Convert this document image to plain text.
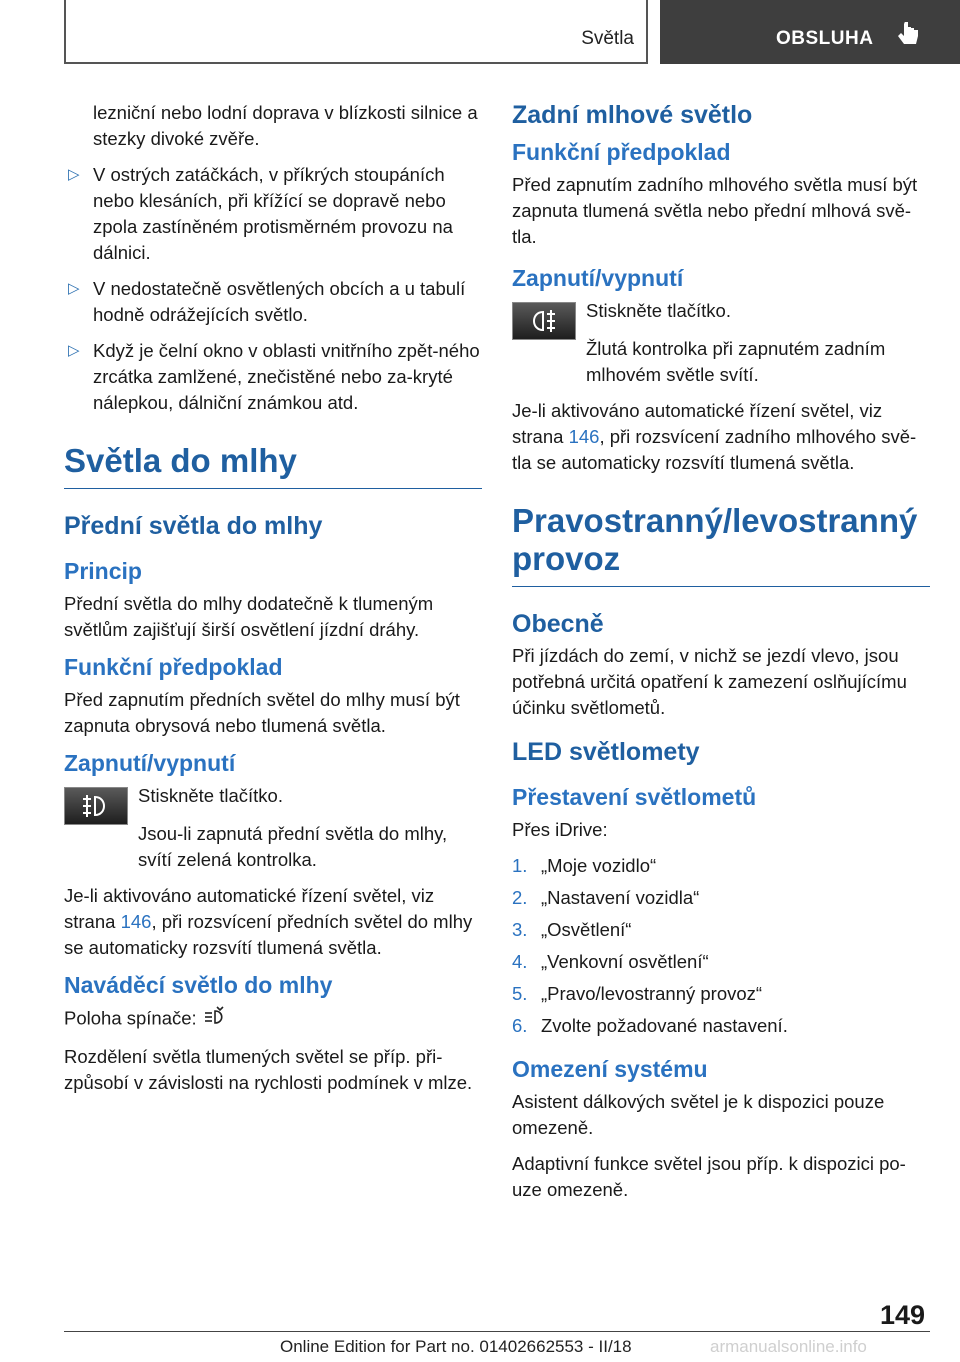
Světla	OBSLUHA

lezniční nebo lodní doprava v blízkosti silnice a stezky divoké zvěře.

▷ V ostrých zatáčkách, v příkrých stoupáních nebo klesáních, při křížící se dopravě nebo zpola zastíněném protisměrném provozu na dálnici.
▷ V nedostatečně osvětlených obcích a u tabulí hodně odrážejících světlo.
▷ Když je čelní okno v oblasti vnitřního zpět-ného zrcátka zamlžené, znečistěné nebo za-kryté nálepkou, dálniční známkou atd.
Světla do mlhy
Přední světla do mlhy
Princip

Přední světla do mlhy dodatečně k tlumeným světlům zajišťují širší osvětlení jízdní dráhy.

Funkční předpoklad

Před zapnutím předních světel do mlhy musí být zapnuta obrysová nebo tlumená světla.

Zapnutí/vypnutí

Stiskněte tlačítko.

Jsou-li zapnutá přední světla do mlhy, svítí zelená kontrolka.

Je-li aktivováno automatické řízení světel, viz strana 146, při rozsvícení předních světel do mlhy se automaticky rozsvítí tlumená světla.

Naváděcí světlo do mlhy

Poloha spínače:

Rozdělení světla tlumených světel se příp. při-způsobí v závislosti na rychlosti podmínek v mlze.

Zadní mlhové světlo
Funkční předpoklad

Před zapnutím zadního mlhového světla musí být zapnuta tlumená světla nebo přední mlhová svě-tla.

Zapnutí/vypnutí

Stiskněte tlačítko.

Žlutá kontrolka při zapnutém zadním mlhovém světle svítí.

Je-li aktivováno automatické řízení světel, viz strana 146, při rozsvícení zadního mlhového svě-tla se automaticky rozsvítí tlumená světla.

Pravostranný/levostranný provoz
Obecně

Při jízdách do zemí, v nichž se jezdí vlevo, jsou potřebná určitá opatření k zamezení oslňujícímu účinku světlometů.

LED světlomety
Přestavení světlometů

Přes iDrive:

1. „Moje vozidlo“
2. „Nastavení vozidla“
3. „Osvětlení“
4. „Venkovní osvětlení“
5. „Pravo/levostranný provoz“
6. Zvolte požadované nastavení.
Omezení systému

Asistent dálkových světel je k dispozici pouze omezeně.

Adaptivní funkce světel jsou příp. k dispozici po-uze omezeně.

149
Online Edition for Part no. 01402662553 - II/18	armanualsonline.info
